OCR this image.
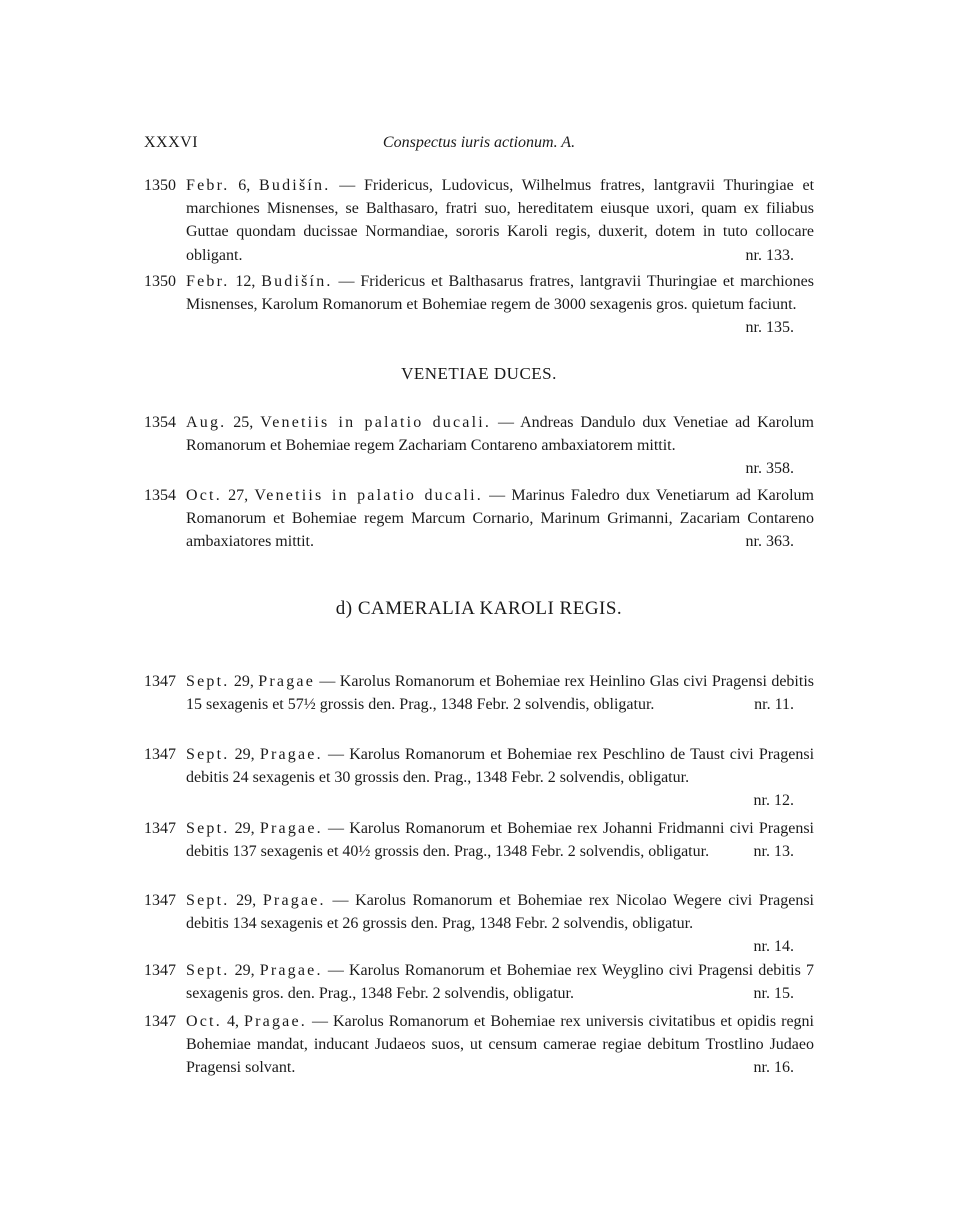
XXXVI	Conspectus iuris actionum. A.
1350 Febr. 6, Budišín. — Fridericus, Ludovicus, Wilhelmus fratres, lantgravii Thuringiae et marchiones Misnenses, se Balthasaro, fratri suo, hereditatem eiusque uxori, quam ex filiabus Guttae quondam ducissae Normandiae, sororis Karoli regis, duxerit, dotem in tuto collocare obligant.	nr. 133.
1350 Febr. 12, Budišín. — Fridericus et Balthasarus fratres, lantgravii Thuringiae et marchiones Misnenses, Karolum Romanorum et Bohemiae regem de 3000 sexagenis gros. quietum faciunt.
nr. 135.
VENETIAE DUCES.
1354 Aug. 25, Venetiis in palatio ducali. — Andreas Dandulo dux Venetiae ad Karolum Romanorum et Bohemiae regem Zachariam Contareno ambaxiatorem mittit.
nr. 358.
1354 Oct. 27, Venetiis in palatio ducali. — Marinus Faledro dux Venetiarum ad Karolum Romanorum et Bohemiae regem Marcum Cornario, Marinum Grimanni, Zacariam Contareno ambaxiatores mittit.	nr. 363.
d) CAMERALIA KAROLI REGIS.
1347 Sept. 29, Pragae — Karolus Romanorum et Bohemiae rex Heinlino Glas civi Pragensi debitis 15 sexagenis et 57½ grossis den. Prag., 1348 Febr. 2 solvendis, obligatur.	nr. 11.
1347 Sept. 29, Pragae. — Karolus Romanorum et Bohemiae rex Peschlino de Taust civi Pragensi debitis 24 sexagenis et 30 grossis den. Prag., 1348 Febr. 2 solvendis, obligatur.
nr. 12.
1347 Sept. 29, Pragae. — Karolus Romanorum et Bohemiae rex Johanni Fridmanni civi Pragensi debitis 137 sexagenis et 40½ grossis den. Prag., 1348 Febr. 2 solvendis, obligatur.	nr. 13.
1347 Sept. 29, Pragae. — Karolus Romanorum et Bohemiae rex Nicolao Wegere civi Pragensi debitis 134 sexagenis et 26 grossis den. Prag, 1348 Febr. 2 solvendis, obligatur.
nr. 14.
1347 Sept. 29, Pragae. — Karolus Romanorum et Bohemiae rex Weyglino civi Pragensi debitis 7 sexagenis gros. den. Prag., 1348 Febr. 2 solvendis, obligatur.	nr. 15.
1347 Oct. 4, Pragae. — Karolus Romanorum et Bohemiae rex universis civitatibus et opidis regni Bohemiae mandat, inducant Judaeos suos, ut censum camerae regiae debitum Trostlino Judaeo Pragensi solvant.	nr. 16.
